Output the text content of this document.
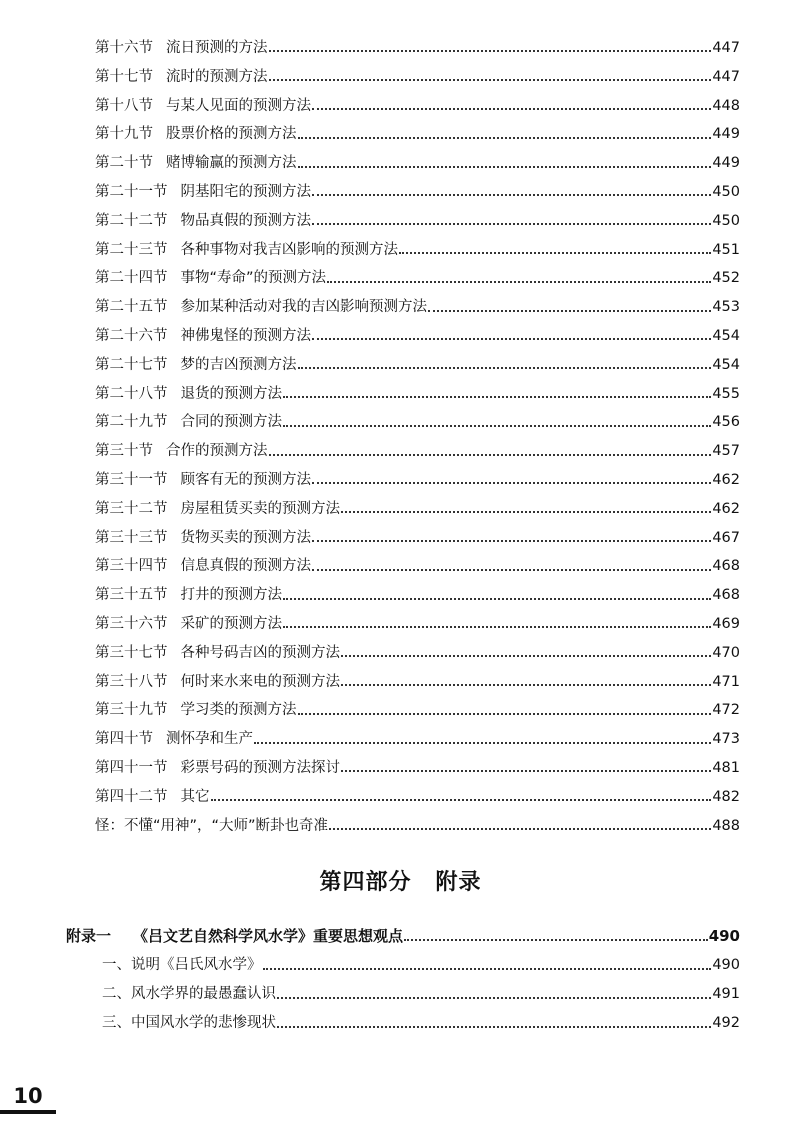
第十六节 流日预测的方法	447
第十七节 流时的预测方法	447
第十八节 与某人见面的预测方法	448
第十九节 股票价格的预测方法	449
第二十节 赌博输赢的预测方法	449
第二十一节 阴基阳宅的预测方法	450
第二十二节 物品真假的预测方法	450
第二十三节 各种事物对我吉凶影响的预测方法	451
第二十四节 事物“寿命”的预测方法	452
第二十五节 参加某种活动对我的吉凶影响预测方法	453
第二十六节 神佛鬼怪的预测方法	454
第二十七节 梦的吉凶预测方法	454
第二十八节 退货的预测方法	455
第二十九节 合同的预测方法	456
第三十节 合作的预测方法	457
第三十一节 顾客有无的预测方法	462
第三十二节 房屋租赁买卖的预测方法	462
第三十三节 货物买卖的预测方法	467
第三十四节 信息真假的预测方法	468
第三十五节 打井的预测方法	468
第三十六节 采矿的预测方法	469
第三十七节 各种号码吉凶的预测方法	470
第三十八节 何时来水来电的预测方法	471
第三十九节 学习类的预测方法	472
第四十节 测怀孕和生产	473
第四十一节 彩票号码的预测方法探讨	481
第四十二节 其它	482
怪：不懂“用神”，“大师”断卦也奇准	488
第四部分 附录
附录一 《吕文艺自然科学风水学》重要思想观点	490
一、说明《吕氏风水学》	490
二、风水学界的最愚蠢认识	491
三、中国风水学的悲惨现状	492
10
